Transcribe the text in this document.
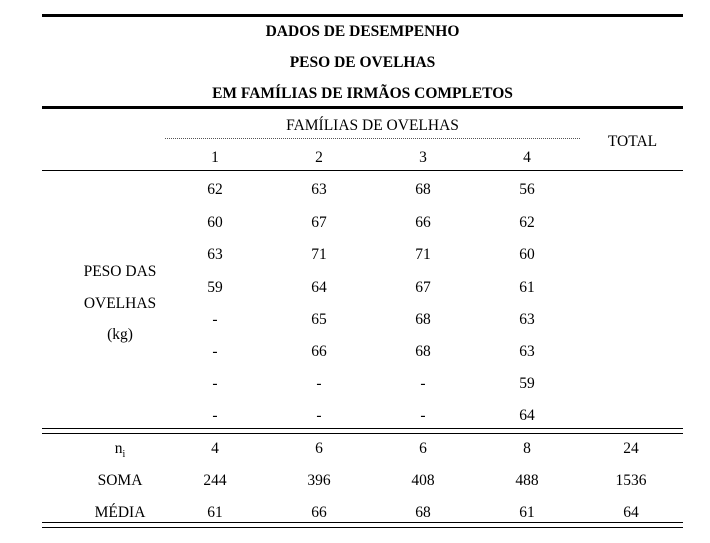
DADOS DE DESEMPENHO
PESO DE OVELHAS
EM FAMÍLIAS DE IRMÃOS COMPLETOS
FAMÍLIAS DE OVELHAS
TOTAL
1	2	3	4
PESO DAS
OVELHAS
(kg)
62	63	68	56
60	67	66	62
63	71	71	60
59	64	67	61
-	65	68	63
-	66	68	63
-	-	-	59
-	-	-	64
$n_i$	4	6	6	8	24
SOMA	244	396	408	488	1536
MÉDIA	61	66	68	61	64
